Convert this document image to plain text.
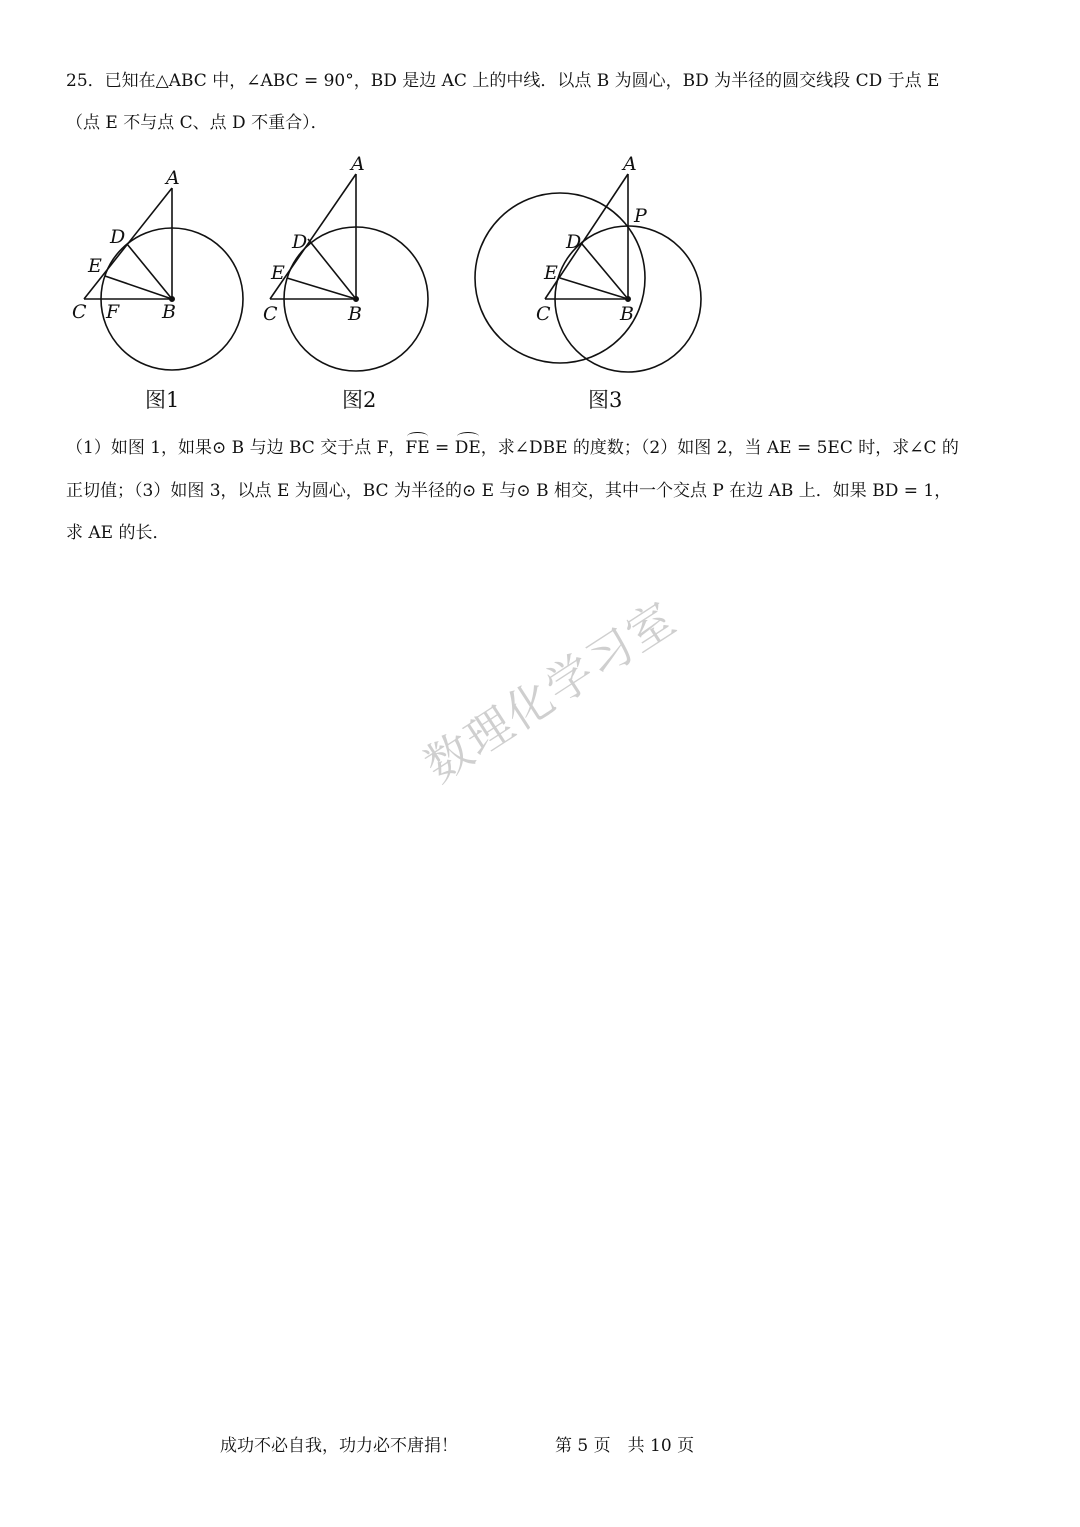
25．已知在△ABC 中，∠ABC = 90°，BD 是边 AC 上的中线．以点 B 为圆心，BD 为半径的圆交线段 CD 于点 E
（点 E 不与点 C、点 D 不重合）．
A
D
E
C F B
图1
A
D
E
C	B
图2
A
P
D
E
C	B
图3
（1）如图 1，如果⊙ B 与边 BC 交于点 F，FE = DE，求∠DBE 的度数；（2）如图 2，当 AE = 5EC 时，求∠C 的
正切值；（3）如图 3，以点 E 为圆心，BC 为半径的⊙ E 与⊙ B 相交，其中一个交点 P 在边 AB 上．如果 BD = 1，
求 AE 的长．
数理化学习室
成功不必自我，功力必不唐捐！	第 5 页　共 10 页
